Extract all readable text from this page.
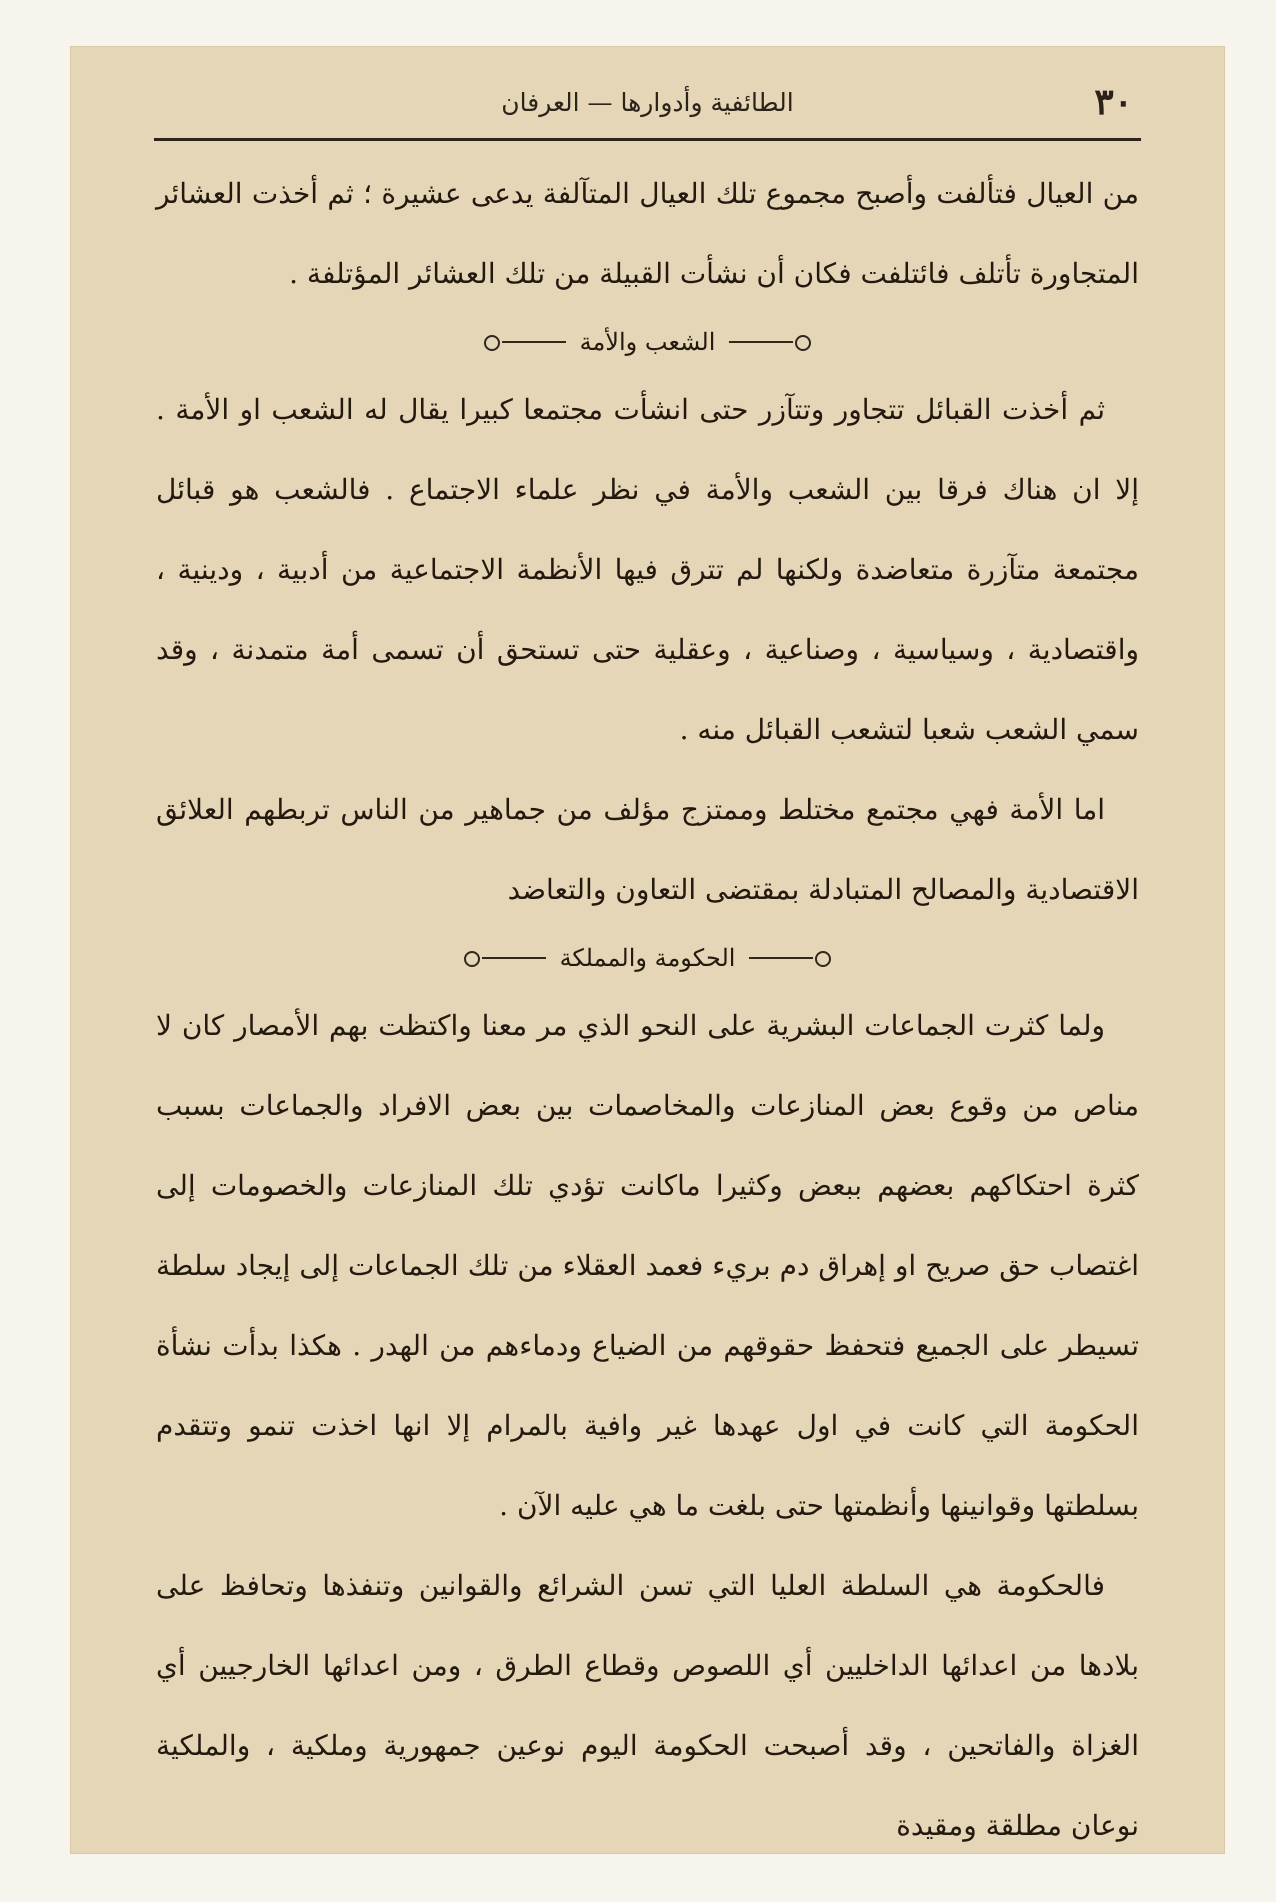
٣٠
الطائفية وأدوارها — العرفان

من العيال فتألفت وأصبح مجموع تلك العيال المتآلفة يدعى عشيرة ؛ ثم أخذت العشائر المتجاورة تأتلف فائتلفت فكان أن نشأت القبيلة من تلك العشائر المؤتلفة .

الشعب والأمة

ثم أخذت القبائل تتجاور وتتآزر حتى انشأت مجتمعا كبيرا يقال له الشعب او الأمة . إلا ان هناك فرقا بين الشعب والأمة في نظر علماء الاجتماع . فالشعب هو قبائل مجتمعة متآزرة متعاضدة ولكنها لم تترق فيها الأنظمة الاجتماعية من أدبية ، ودينية ، واقتصادية ، وسياسية ، وصناعية ، وعقلية حتى تستحق أن تسمى أمة متمدنة ، وقد سمي الشعب شعبا لتشعب القبائل منه .

اما الأمة فهي مجتمع مختلط وممتزج مؤلف من جماهير من الناس تربطهم العلائق الاقتصادية والمصالح المتبادلة بمقتضى التعاون والتعاضد

الحكومة والمملكة

ولما كثرت الجماعات البشرية على النحو الذي مر معنا واكتظت بهم الأمصار كان لا مناص من وقوع بعض المنازعات والمخاصمات بين بعض الافراد والجماعات بسبب كثرة احتكاكهم بعضهم ببعض وكثيرا ماكانت تؤدي تلك المنازعات والخصومات إلى اغتصاب حق صريح او إهراق دم بريء فعمد العقلاء من تلك الجماعات إلى إيجاد سلطة تسيطر على الجميع فتحفظ حقوقهم من الضياع ودماءهم من الهدر . هكذا بدأت نشأة الحكومة التي كانت في اول عهدها غير وافية بالمرام إلا انها اخذت تنمو وتتقدم بسلطتها وقوانينها وأنظمتها حتى بلغت ما هي عليه الآن .

فالحكومة هي السلطة العليا التي تسن الشرائع والقوانين وتنفذها وتحافظ على بلادها من اعدائها الداخليين أي اللصوص وقطاع الطرق ، ومن اعدائها الخارجيين أي الغزاة والفاتحين ، وقد أصبحت الحكومة اليوم نوعين جمهورية وملكية ، والملكية نوعان مطلقة ومقيدة
